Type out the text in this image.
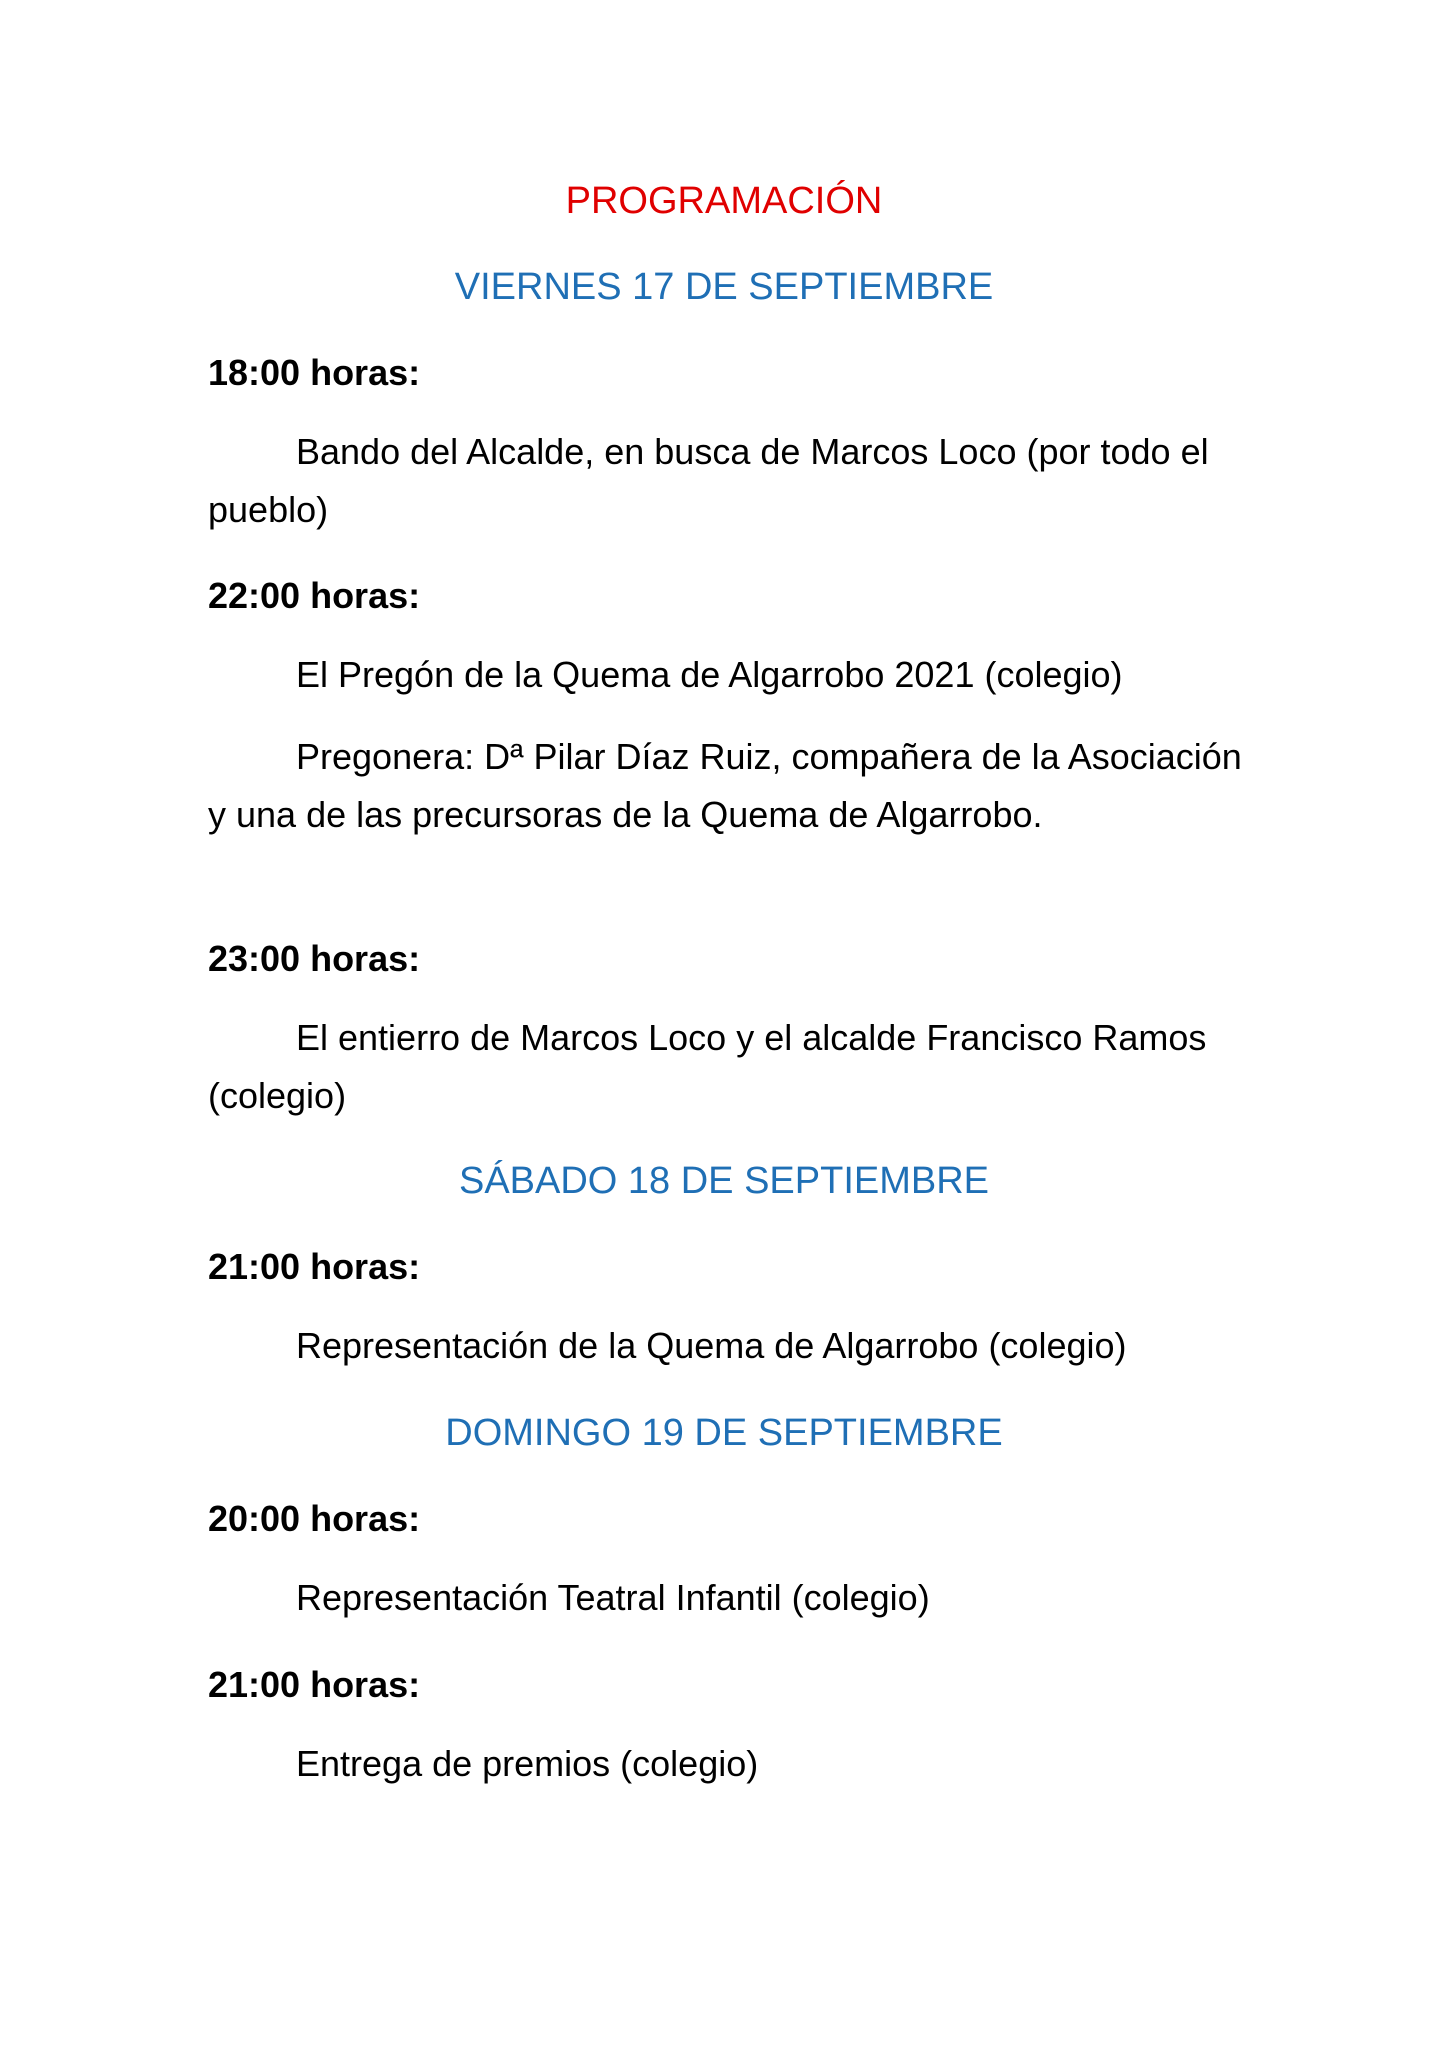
PROGRAMACIÓN
VIERNES 17 DE SEPTIEMBRE
18:00 horas:
Bando del Alcalde, en busca de Marcos Loco (por todo el pueblo)
22:00 horas:
El Pregón de la Quema de Algarrobo 2021 (colegio)
Pregonera: Dª Pilar Díaz Ruiz, compañera de la Asociación y una de las precursoras de la Quema de Algarrobo.
23:00 horas:
El entierro de Marcos Loco y el alcalde Francisco Ramos (colegio)
SÁBADO 18 DE SEPTIEMBRE
21:00 horas:
Representación de la Quema de Algarrobo (colegio)
DOMINGO 19 DE SEPTIEMBRE
20:00 horas:
Representación Teatral Infantil (colegio)
21:00 horas:
Entrega de premios (colegio)
